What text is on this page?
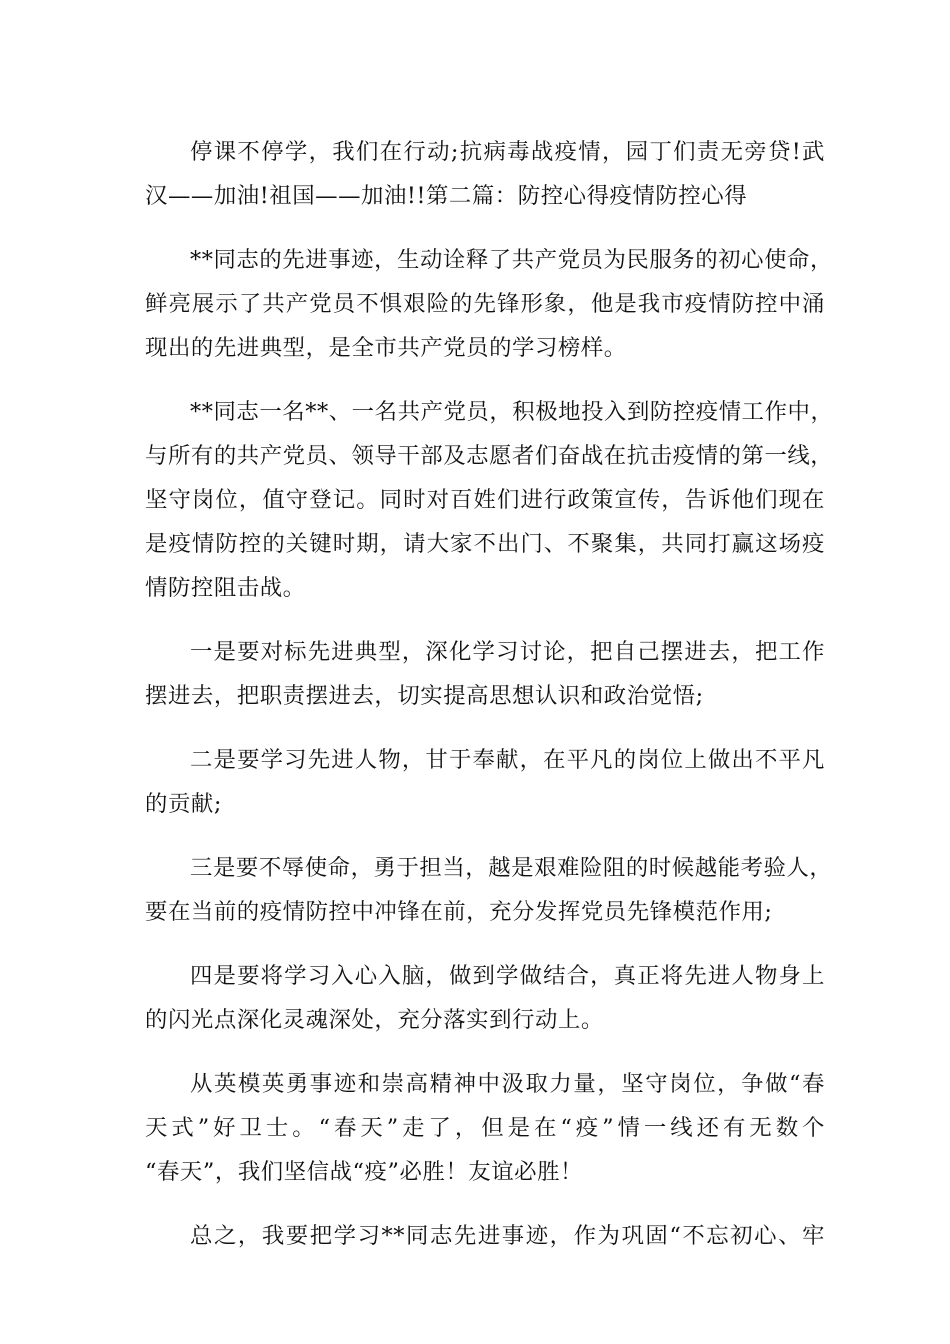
停课不停学，我们在行动;抗病毒战疫情，园丁们责无旁贷!武
汉——加油!祖国——加油!!第二篇：防控心得疫情防控心得
**同志的先进事迹，生动诠释了共产党员为民服务的初心使命，
鲜亮展示了共产党员不惧艰险的先锋形象，他是我市疫情防控中涌
现出的先进典型，是全市共产党员的学习榜样。
**同志一名**、一名共产党员，积极地投入到防控疫情工作中，
与所有的共产党员、领导干部及志愿者们奋战在抗击疫情的第一线，
坚守岗位，值守登记。同时对百姓们进行政策宣传，告诉他们现在
是疫情防控的关键时期，请大家不出门、不聚集，共同打赢这场疫
情防控阻击战。
一是要对标先进典型，深化学习讨论，把自己摆进去，把工作
摆进去，把职责摆进去，切实提高思想认识和政治觉悟;
二是要学习先进人物，甘于奉献，在平凡的岗位上做出不平凡
的贡献;
三是要不辱使命，勇于担当，越是艰难险阻的时候越能考验人，
要在当前的疫情防控中冲锋在前，充分发挥党员先锋模范作用;
四是要将学习入心入脑，做到学做结合，真正将先进人物身上
的闪光点深化灵魂深处，充分落实到行动上。
从英模英勇事迹和崇高精神中汲取力量，坚守岗位，争做“春
天式”好卫士。“春天”走了，但是在“疫”情一线还有无数个
“春天”，我们坚信战“疫”必胜！友谊必胜！
总之，我要把学习**同志先进事迹，作为巩固“不忘初心、牢
